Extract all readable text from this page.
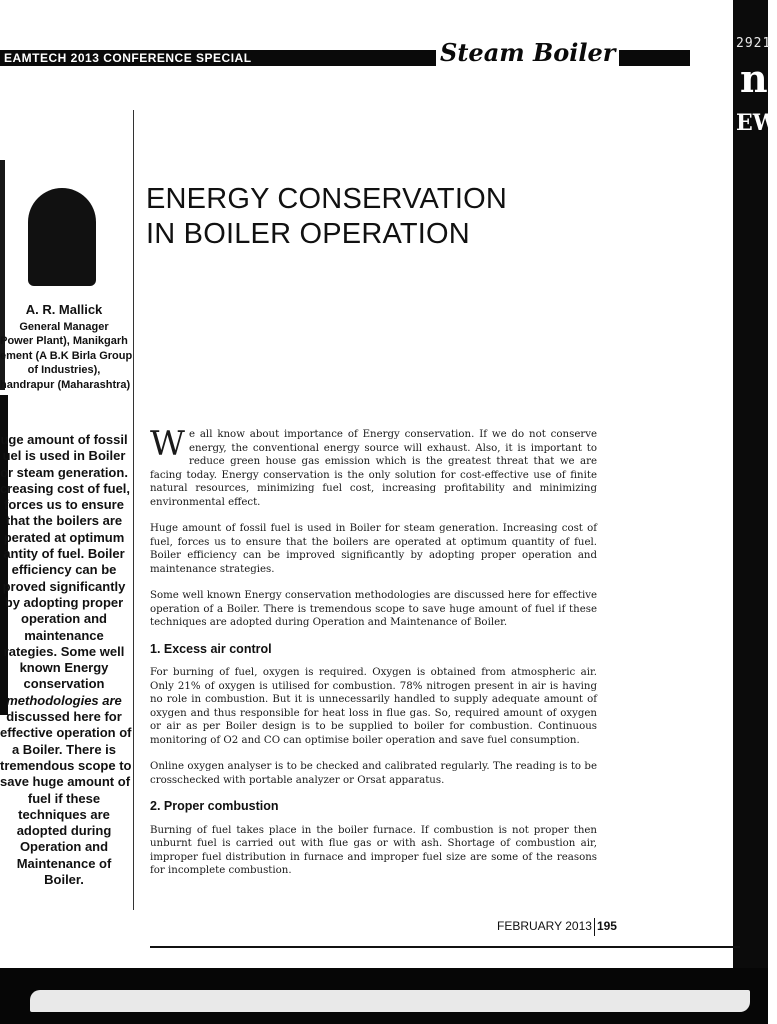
2921
n
EW
EAMTECH 2013 CONFERENCE SPECIAL	Steam Boiler
A. R. Mallick
General Manager
Power Plant), Manikgarh
ement (A B.K Birla Group
of Industries),
handrapur (Maharashtra)
uge amount of fossil
uel is used in Boiler
or steam generation.
creasing cost of fuel,
forces us to ensure
that the boilers are
perated at optimum
antity of fuel. Boiler
efficiency can be
proved significantly
by adopting proper
operation and
maintenance
rategies. Some well
known Energy
conservation
methodologies are
discussed here for
effective operation of
a Boiler. There is
tremendous scope to
save huge amount of
fuel if these
techniques are
adopted during
Operation and
Maintenance of
Boiler.
ENERGY CONSERVATION
IN BOILER OPERATION

We all know about importance of Energy conservation. If we do not conserve energy, the conventional energy source will exhaust. Also, it is important to reduce green house gas emission which is the greatest threat that we are facing today. Energy conservation is the only solution for cost-effective use of finite natural resources, minimizing fuel cost, increasing profitability and minimizing environmental effect.

Huge amount of fossil fuel is used in Boiler for steam generation. Increasing cost of fuel, forces us to ensure that the boilers are operated at optimum quantity of fuel. Boiler efficiency can be improved significantly by adopting proper operation and maintenance strategies.

Some well known Energy conservation methodologies are discussed here for effective operation of a Boiler. There is tremendous scope to save huge amount of fuel if these techniques are adopted during Operation and Maintenance of Boiler.

1. Excess air control

For burning of fuel, oxygen is required. Oxygen is obtained from atmospheric air. Only 21% of oxygen is utilised for combustion. 78% nitrogen present in air is having no role in combustion. But it is unnecessarily handled to supply adequate amount of oxygen and thus responsible for heat loss in flue gas. So, required amount of oxygen or air as per Boiler design is to be supplied to boiler for combustion. Continuous monitoring of O2 and CO can optimise boiler operation and save fuel consumption.

Online oxygen analyser is to be checked and calibrated regularly. The reading is to be crosschecked with portable analyzer or Orsat apparatus.

2. Proper combustion

Burning of fuel takes place in the boiler furnace. If combustion is not proper then unburnt fuel is carried out with flue gas or with ash. Shortage of combustion air, improper fuel distribution in furnace and improper fuel size are some of the reasons for incomplete combustion.

FEBRUARY 2013 195
